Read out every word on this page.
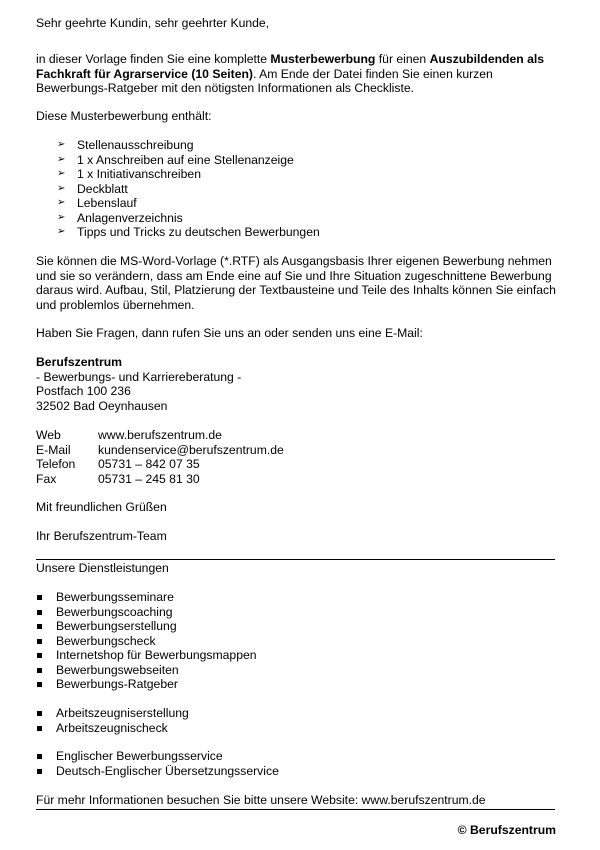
Sehr geehrte Kundin, sehr geehrter Kunde,
in dieser Vorlage finden Sie eine komplette Musterbewerbung für einen Auszubildenden als Fachkraft für Agrarservice (10 Seiten). Am Ende der Datei finden Sie einen kurzen Bewerbungs-Ratgeber mit den nötigsten Informationen als Checkliste.
Diese Musterbewerbung enthält:
➢ Stellenausschreibung
➢ 1 x Anschreiben auf eine Stellenanzeige
➢ 1 x Initiativanschreiben
➢ Deckblatt
➢ Lebenslauf
➢ Anlagenverzeichnis
➢ Tipps und Tricks zu deutschen Bewerbungen
Sie können die MS-Word-Vorlage (*.RTF) als Ausgangsbasis Ihrer eigenen Bewerbung nehmen und sie so verändern, dass am Ende eine auf Sie und Ihre Situation zugeschnittene Bewerbung daraus wird. Aufbau, Stil, Platzierung der Textbausteine und Teile des Inhalts können Sie einfach und problemlos übernehmen.
Haben Sie Fragen, dann rufen Sie uns an oder senden uns eine E-Mail:
Berufszentrum
- Bewerbungs- und Karriereberatung -
Postfach 100 236
32502 Bad Oeynhausen
Web	www.berufszentrum.de
E-Mail	kundenservice@berufszentrum.de
Telefon	05731 – 842 07 35
Fax	05731 – 245 81 30
Mit freundlichen Grüßen
Ihr Berufszentrum-Team
Unsere Dienstleistungen
Bewerbungsseminare
Bewerbungscoaching
Bewerbungserstellung
Bewerbungscheck
Internetshop für Bewerbungsmappen
Bewerbungswebseiten
Bewerbungs-Ratgeber
Arbeitszeugniserstellung
Arbeitszeugnischeck
Englischer Bewerbungsservice
Deutsch-Englischer Übersetzungsservice
Für mehr Informationen besuchen Sie bitte unsere Website: www.berufszentrum.de
© Berufszentrum
